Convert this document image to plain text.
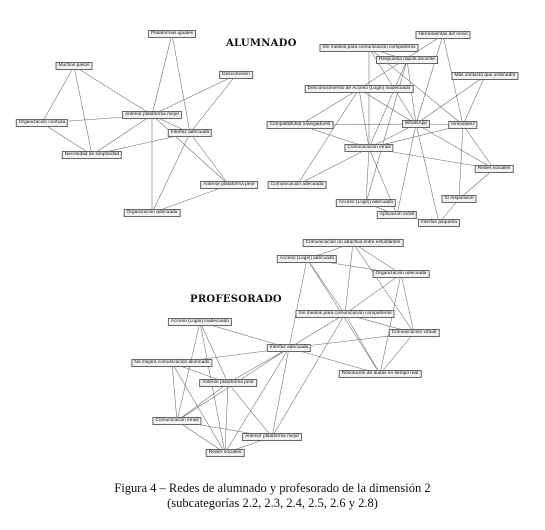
ALUMNADO
PROFESORADO
Plataformas iguales
Muchos pasos
Desconexión
Organización confusa
Anterior plataforma mejor
Interfaz adecuada
Necesidad de simplicidad
Anterior plataforma peor
Organización adecuada
Herramientas del móvil
Sin medios para comunicación compañeros
Respuesta rápida docente
Desconocimiento de Acceso (Login) inadecuado
Más contacto que ordenador
Compatibilidad navegadores	WhatsApp
Comunicación email
Inmediatez
Comunicación adecuada
Redes sociales
Acceso (Login) adecuado
Aplicación móvil
Interfaz pequeña
Sí responsive
Comunicación no atractiva entre estudiantes
Acceso (Login) adecuado
Organización adecuada
Acceso (Login) inadecuado
Sin medios para comunicación compañeros
Comunicación virtual
Interfaz adecuada
No mejora comunicación alumnado
Resolución de dudas en tiempo real
Anterior plataforma peor
Comunicación email
Anterior plataforma mejor
Redes sociales
Figura 4 – Redes de alumnado y profesorado de la dimensión 2
(subcategorías 2.2, 2.3, 2.4, 2.5, 2.6 y 2.8)
